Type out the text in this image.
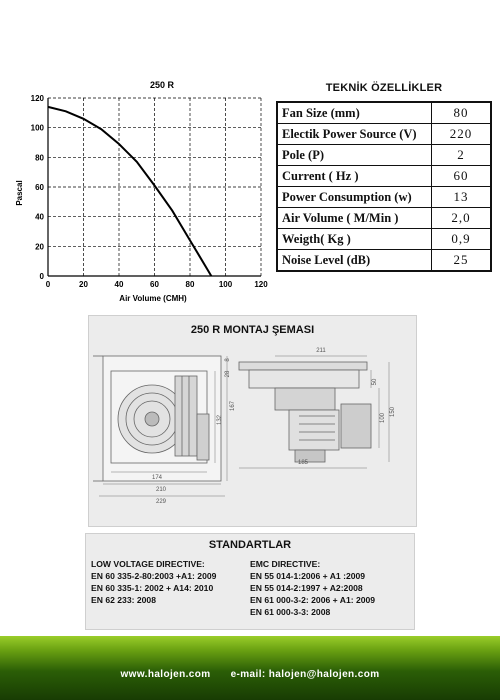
250 R
0	20	40	60	80	100	120
0
20
40
60
80
100
120
Air Volume (CMH)
Pascal
TEKNİK ÖZELLİKLER
Fan Size (mm)	80
Electik Power Source (V)	220
Pole (P)	2
Current ( Hz )	60
Power Consumption (w)	13
Air Volume ( M/Min )	2,0
Weigth( Kg )	0,9
Noise Level (dB)	25
250 R MONTAJ ŞEMASI
174
210
229
132
167
28
8
211
185
50
100
150
STANDARTLAR
LOW VOLTAGE DIRECTIVE:
EN 60 335-2-80:2003 +A1: 2009
EN 60 335-1: 2002 + A14: 2010
EN 62 233: 2008
EMC DIRECTIVE:
EN 55 014-1:2006 + A1 :2009
EN 55 014-2:1997 + A2:2008
EN 61 000-3-2: 2006 + A1: 2009
EN 61 000-3-3: 2008
www.halojen.com e-mail: halojen@halojen.com
